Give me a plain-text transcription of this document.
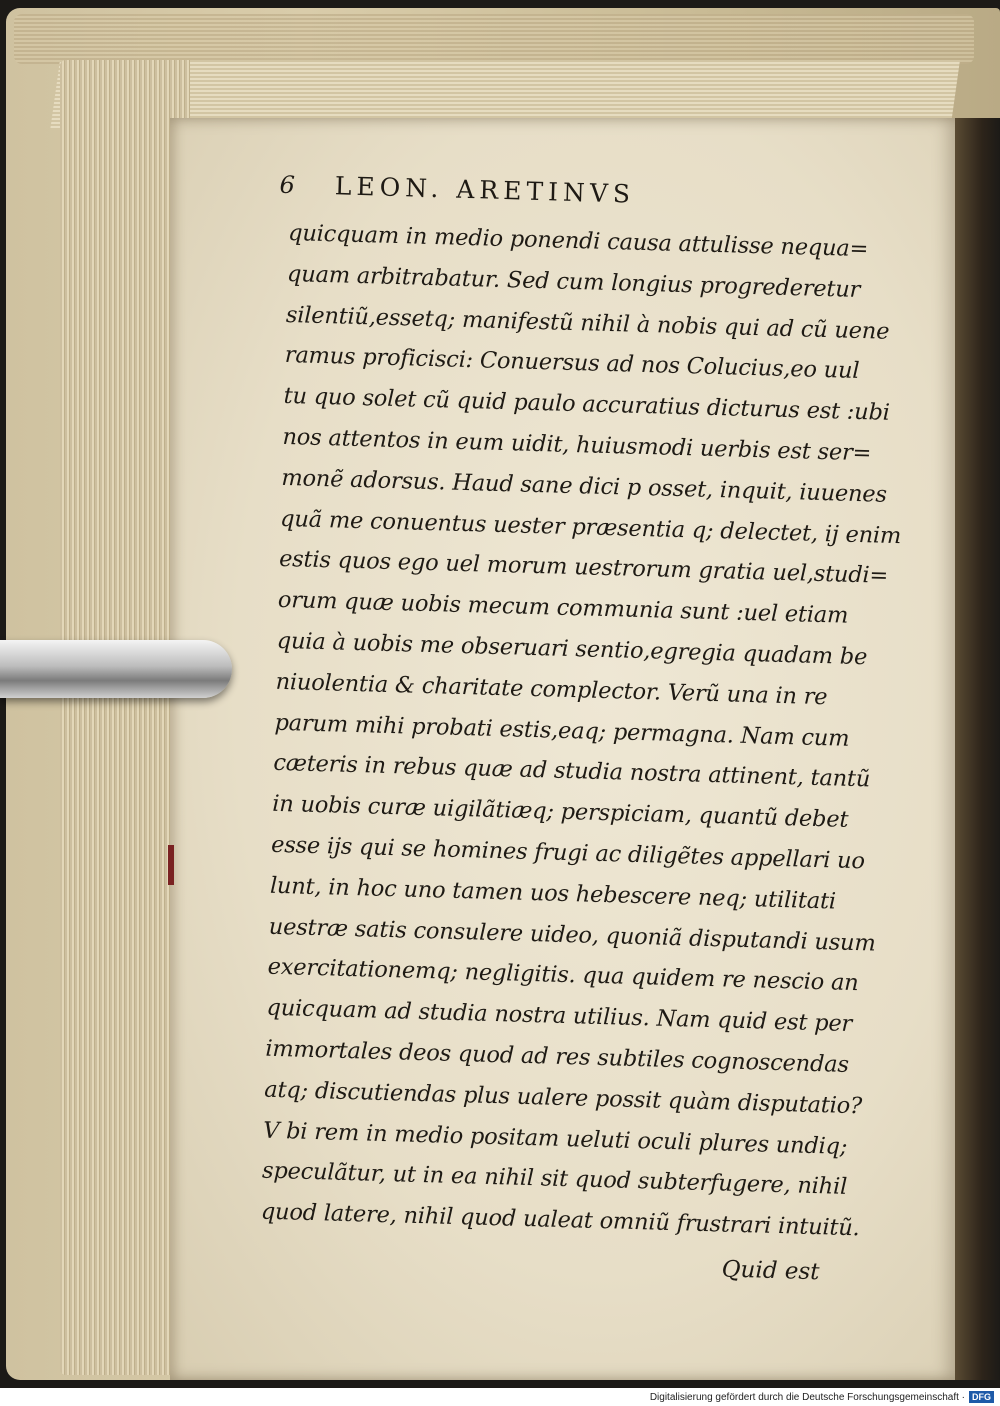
6 LEON. ARETINVS
quicquam in medio ponendi causa attulisse nequa=
quam arbitrabatur. Sed cum longius progrederetur
silentiũ,essetq; manifestũ nihil à nobis qui ad cũ uene
ramus proficisci: Conuersus ad nos Colucius,eo uul
tu quo solet cũ quid paulo accuratius dicturus est :ubi
nos attentos in eum uidit, huiusmodi uerbis est ser=
monẽ adorsus. Haud sane dici p osset, inquit, iuuenes
quã me conuentus uester præsentia q; delectet, ij enim
estis quos ego uel morum uestrorum gratia uel,studi=
orum quæ uobis mecum communia sunt :uel etiam
quia à uobis me obseruari sentio,egregia quadam be
niuolentia & charitate complector. Verũ una in re
parum mihi probati estis,eaq; permagna. Nam cum
cæteris in rebus quæ ad studia nostra attinent, tantũ
in uobis curæ uigilãtiæq; perspiciam, quantũ debet
esse ijs qui se homines frugi ac diligẽtes appellari uo
lunt, in hoc uno tamen uos hebescere neq; utilitati
uestræ satis consulere uideo, quoniã disputandi usum
exercitationemq; negligitis. qua quidem re nescio an
quicquam ad studia nostra utilius. Nam quid est per
immortales deos quod ad res subtiles cognoscendas
atq; discutiendas plus ualere possit quàm disputatio?
V bi rem in medio positam ueluti oculi plures undiq;
speculãtur, ut in ea nihil sit quod subterfugere, nihil
quod latere, nihil quod ualeat omniũ frustrari intuitũ.
Quid est
Digitalisierung gefördert durch die Deutsche Forschungsgemeinschaft · DFG
